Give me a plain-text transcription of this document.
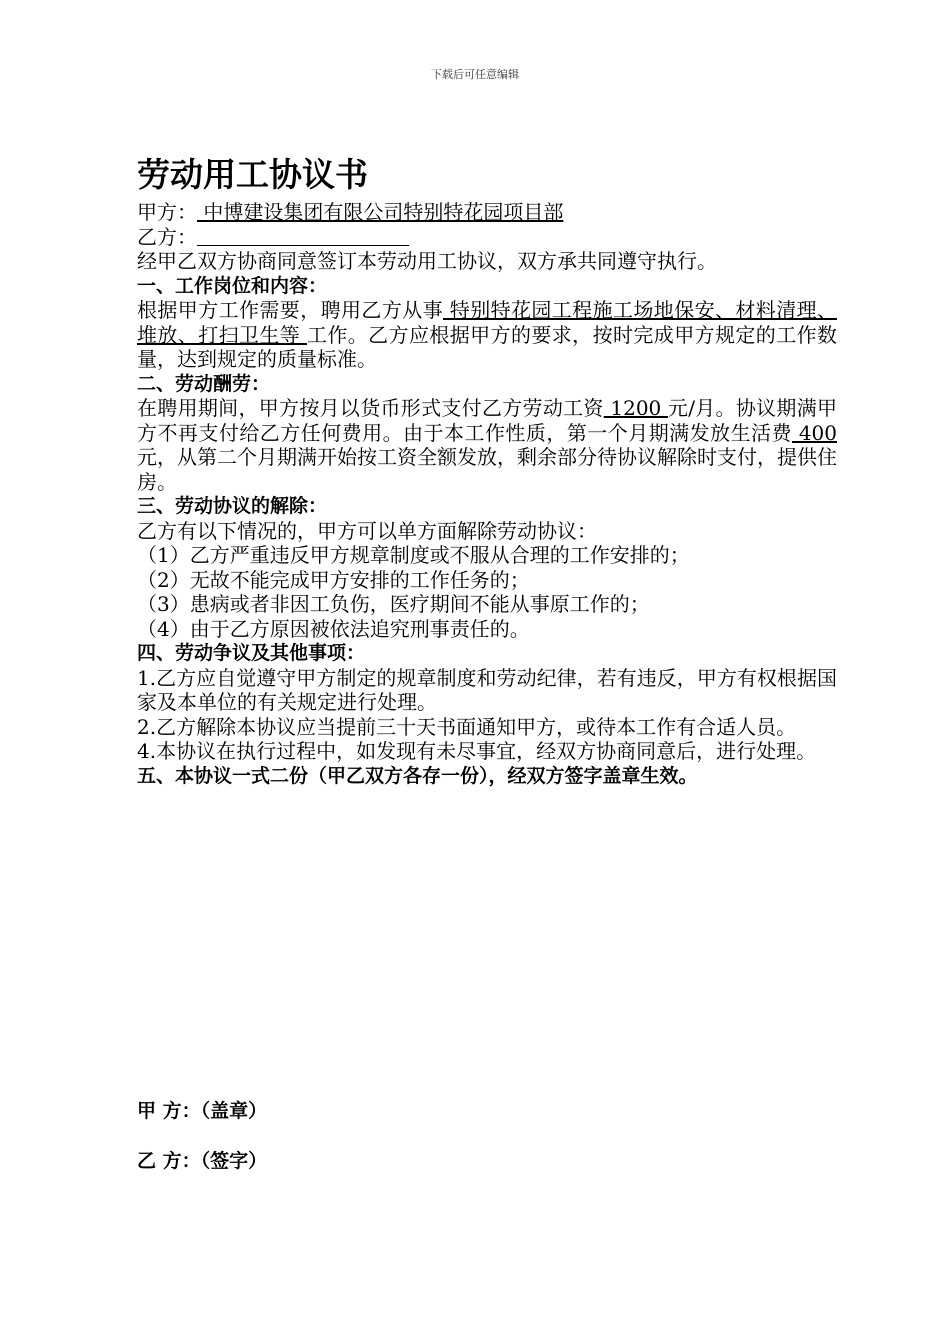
下载后可任意编辑
劳动用工协议书

甲方： 中博建设集团有限公司特别特花园项目部

乙方：

经甲乙双方协商同意签订本劳动用工协议，双方承共同遵守执行。

一、工作岗位和内容：

根据甲方工作需要，聘用乙方从事 特别特花园工程施工场地保安、材料清理、堆放、打扫卫生等 工作。乙方应根据甲方的要求，按时完成甲方规定的工作数量，达到规定的质量标准。

二、劳动酬劳：

在聘用期间，甲方按月以货币形式支付乙方劳动工资 1200 元/月。协议期满甲方不再支付给乙方任何费用。由于本工作性质，第一个月期满发放生活费 400 元，从第二个月期满开始按工资全额发放，剩余部分待协议解除时支付，提供住房。

三、劳动协议的解除：

乙方有以下情况的，甲方可以单方面解除劳动协议：

（1）乙方严重违反甲方规章制度或不服从合理的工作安排的；

（2）无故不能完成甲方安排的工作任务的；

（3）患病或者非因工负伤，医疗期间不能从事原工作的；

（4）由于乙方原因被依法追究刑事责任的。

四、劳动争议及其他事项：

1.乙方应自觉遵守甲方制定的规章制度和劳动纪律，若有违反，甲方有权根据国家及本单位的有关规定进行处理。

2.乙方解除本协议应当提前三十天书面通知甲方，或待本工作有合适人员。

4.本协议在执行过程中，如发现有未尽事宜，经双方协商同意后，进行处理。

五、本协议一式二份（甲乙双方各存一份），经双方签字盖章生效。

甲 方：（盖章）
乙 方：（签字）
